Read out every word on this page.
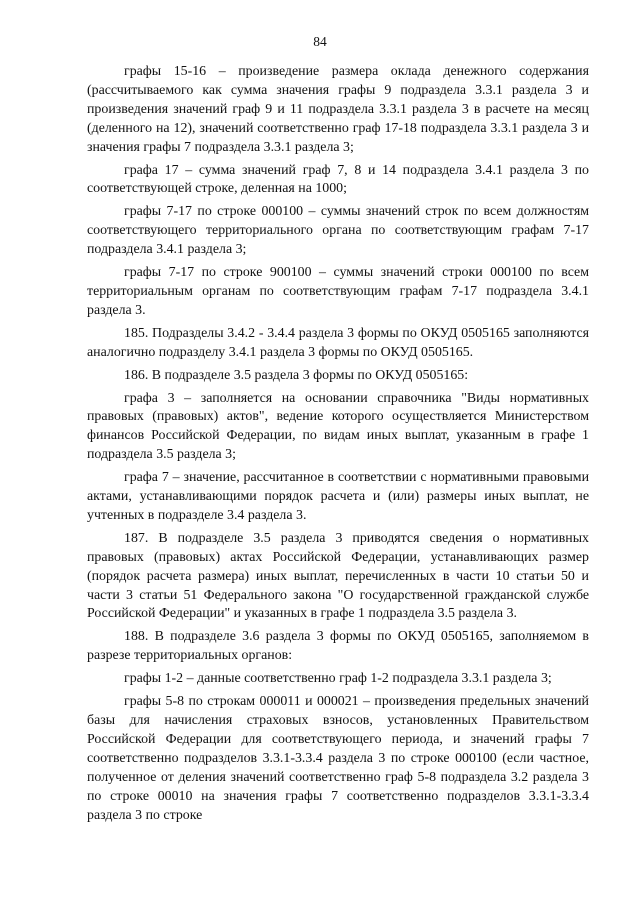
84

графы 15-16 – произведение размера оклада денежного содержания (рассчитываемого как сумма значения графы 9 подраздела 3.3.1 раздела 3 и произведения значений граф 9 и 11 подраздела 3.3.1 раздела 3 в расчете на месяц (деленного на 12), значений соответственно граф 17-18 подраздела 3.3.1 раздела 3 и значения графы 7 подраздела 3.3.1 раздела 3;

графа 17 – сумма значений граф 7, 8 и 14 подраздела 3.4.1 раздела 3 по соответствующей строке, деленная на 1000;

графы 7-17 по строке 000100 – суммы значений строк по всем должностям соответствующего территориального органа по соответствующим графам 7-17 подраздела 3.4.1 раздела 3;

графы 7-17 по строке 900100 – суммы значений строки 000100 по всем территориальным органам по соответствующим графам 7-17 подраздела 3.4.1 раздела 3.

185. Подразделы 3.4.2 - 3.4.4 раздела 3 формы по ОКУД 0505165 заполняются аналогично подразделу 3.4.1 раздела 3 формы по ОКУД 0505165.

186. В подразделе 3.5 раздела 3 формы по ОКУД 0505165:

графа 3 – заполняется на основании справочника "Виды нормативных правовых (правовых) актов", ведение которого осуществляется Министерством финансов Российской Федерации, по видам иных выплат, указанным в графе 1 подраздела 3.5 раздела 3;

графа 7 – значение, рассчитанное в соответствии с нормативными правовыми актами, устанавливающими порядок расчета и (или) размеры иных выплат, не учтенных в подразделе 3.4 раздела 3.

187. В подразделе 3.5 раздела 3 приводятся сведения о нормативных правовых (правовых) актах Российской Федерации, устанавливающих размер (порядок расчета размера) иных выплат, перечисленных в части 10 статьи 50 и части 3 статьи 51 Федерального закона "О государственной гражданской службе Российской Федерации" и указанных в графе 1 подраздела 3.5 раздела 3.

188. В подразделе 3.6 раздела 3 формы по ОКУД 0505165, заполняемом в разрезе территориальных органов:

графы 1-2 – данные соответственно граф 1-2 подраздела 3.3.1 раздела 3;

графы 5-8 по строкам 000011 и 000021 – произведения предельных значений базы для начисления страховых взносов, установленных Правительством Российской Федерации для соответствующего периода, и значений графы 7 соответственно подразделов 3.3.1-3.3.4 раздела 3 по строке 000100 (если частное, полученное от деления значений соответственно граф 5-8 подраздела 3.2 раздела 3 по строке 00010 на значения графы 7 соответственно подразделов 3.3.1-3.3.4 раздела 3 по строке
